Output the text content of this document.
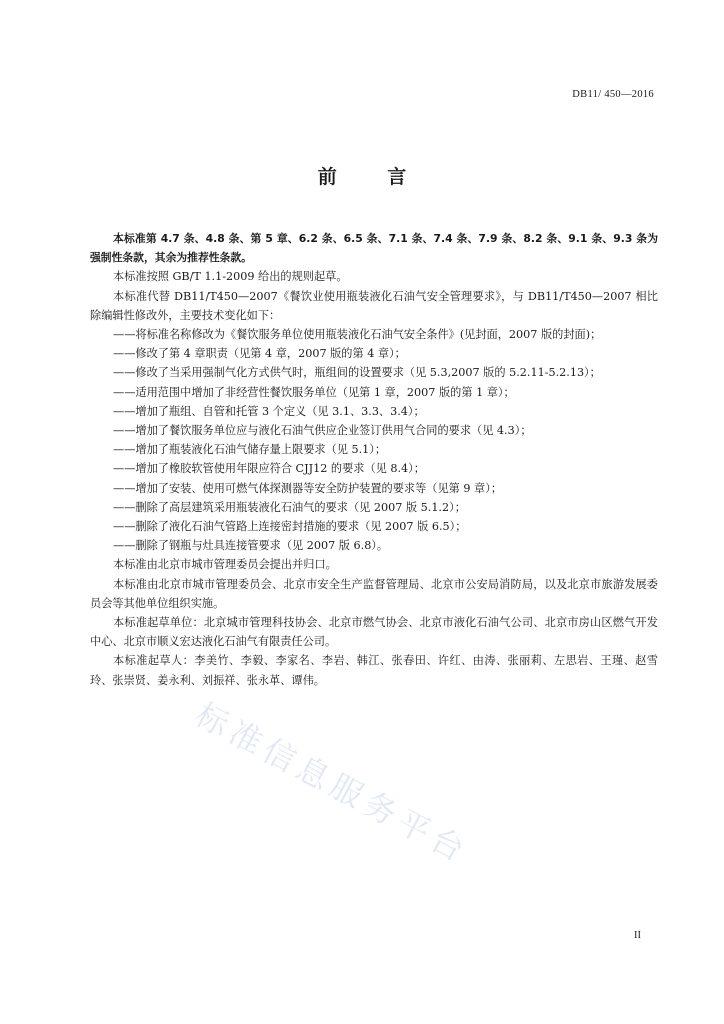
DB11/ 450—2016
前 言

本标准第 4.7 条、4.8 条、第 5 章、6.2 条、6.5 条、7.1 条、7.4 条、7.9 条、8.2 条、9.1 条、9.3 条为强制性条款，其余为推荐性条款。

本标准按照 GB/T 1.1-2009 给出的规则起草。

本标准代替 DB11/T450—2007《餐饮业使用瓶装液化石油气安全管理要求》，与 DB11/T450—2007 相比除编辑性修改外，主要技术变化如下：

——将标准名称修改为《餐饮服务单位使用瓶装液化石油气安全条件》(见封面，2007 版的封面)；

——修改了第 4 章职责（见第 4 章，2007 版的第 4 章）；

——修改了当采用强制气化方式供气时，瓶组间的设置要求（见 5.3,2007 版的 5.2.11-5.2.13）；

——适用范围中增加了非经营性餐饮服务单位（见第 1 章，2007 版的第 1 章）；

——增加了瓶组、自管和托管 3 个定义（见 3.1、3.3、3.4）；

——增加了餐饮服务单位应与液化石油气供应企业签订供用气合同的要求（见 4.3）；

——增加了瓶装液化石油气储存量上限要求（见 5.1）；

——增加了橡胶软管使用年限应符合 CJJ12 的要求（见 8.4）；

——增加了安装、使用可燃气体探测器等安全防护装置的要求等（见第 9 章）；

——删除了高层建筑采用瓶装液化石油气的要求（见 2007 版 5.1.2）；

——删除了液化石油气管路上连接密封措施的要求（见 2007 版 6.5）；

——删除了钢瓶与灶具连接管要求（见 2007 版 6.8）。

本标准由北京市城市管理委员会提出并归口。

本标准由北京市城市管理委员会、北京市安全生产监督管理局、北京市公安局消防局，以及北京市旅游发展委员会等其他单位组织实施。

本标准起草单位：北京城市管理科技协会、北京市燃气协会、北京市液化石油气公司、北京市房山区燃气开发中心、北京市顺义宏达液化石油气有限责任公司。

本标准起草人：李美竹、李毅、李家名、李岩、韩江、张春田、许红、由涛、张丽莉、左思岩、王瑾、赵雪玲、张崇贤、姜永利、刘振祥、张永革、谭伟。

标准信息服务平台
II
